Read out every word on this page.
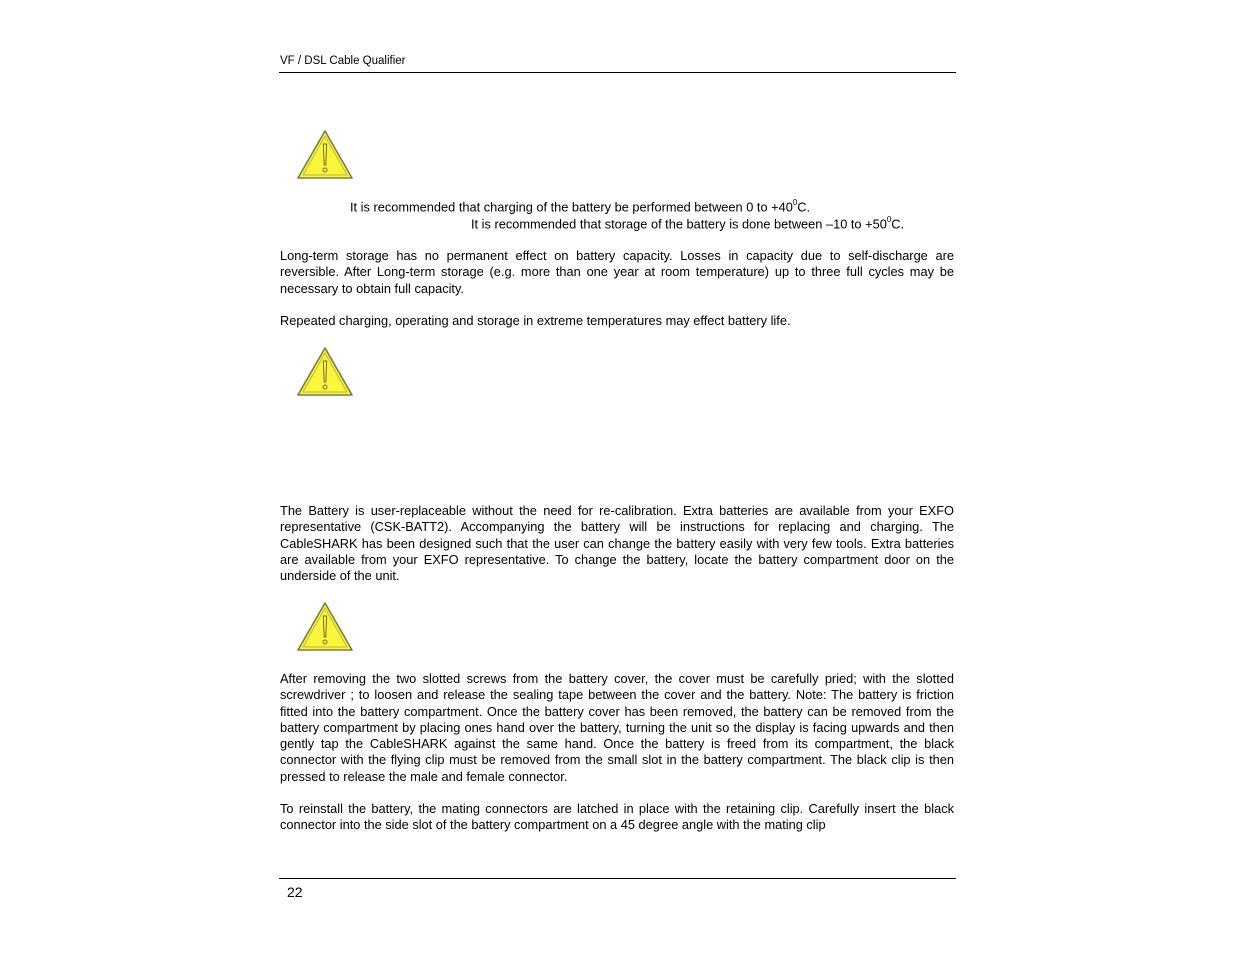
VF / DSL Cable Qualifier
It is recommended that charging of the battery be performed between 0 to $+40^0C$.
It is recommended that storage of the battery is done between –10 to $+50^0C$.

Long-term storage has no permanent effect on battery capacity. Losses in capacity due to self-discharge are reversible. After Long-term storage (e.g. more than one year at room temperature) up to three full cycles may be necessary to obtain full capacity.

Repeated charging, operating and storage in extreme temperatures may effect battery life.

The Battery is user-replaceable without the need for re-calibration. Extra batteries are available from your EXFO representative (CSK-BATT2). Accompanying the battery will be instructions for replacing and charging. The CableSHARK has been designed such that the user can change the battery easily with very few tools. Extra batteries are available from your EXFO representative. To change the battery, locate the battery compartment door on the underside of the unit.

After removing the two slotted screws from the battery cover, the cover must be carefully pried; with the slotted screwdriver ; to loosen and release the sealing tape between the cover and the battery. Note: The battery is friction fitted into the battery compartment. Once the battery cover has been removed, the battery can be removed from the battery compartment by placing ones hand over the battery, turning the unit so the display is facing upwards and then gently tap the CableSHARK against the same hand. Once the battery is freed from its compartment, the black connector with the flying clip must be removed from the small slot in the battery compartment. The black clip is then pressed to release the male and female connector.

To reinstall the battery, the mating connectors are latched in place with the retaining clip. Carefully insert the black connector into the side slot of the battery compartment on a 45 degree angle with the mating clip

22
